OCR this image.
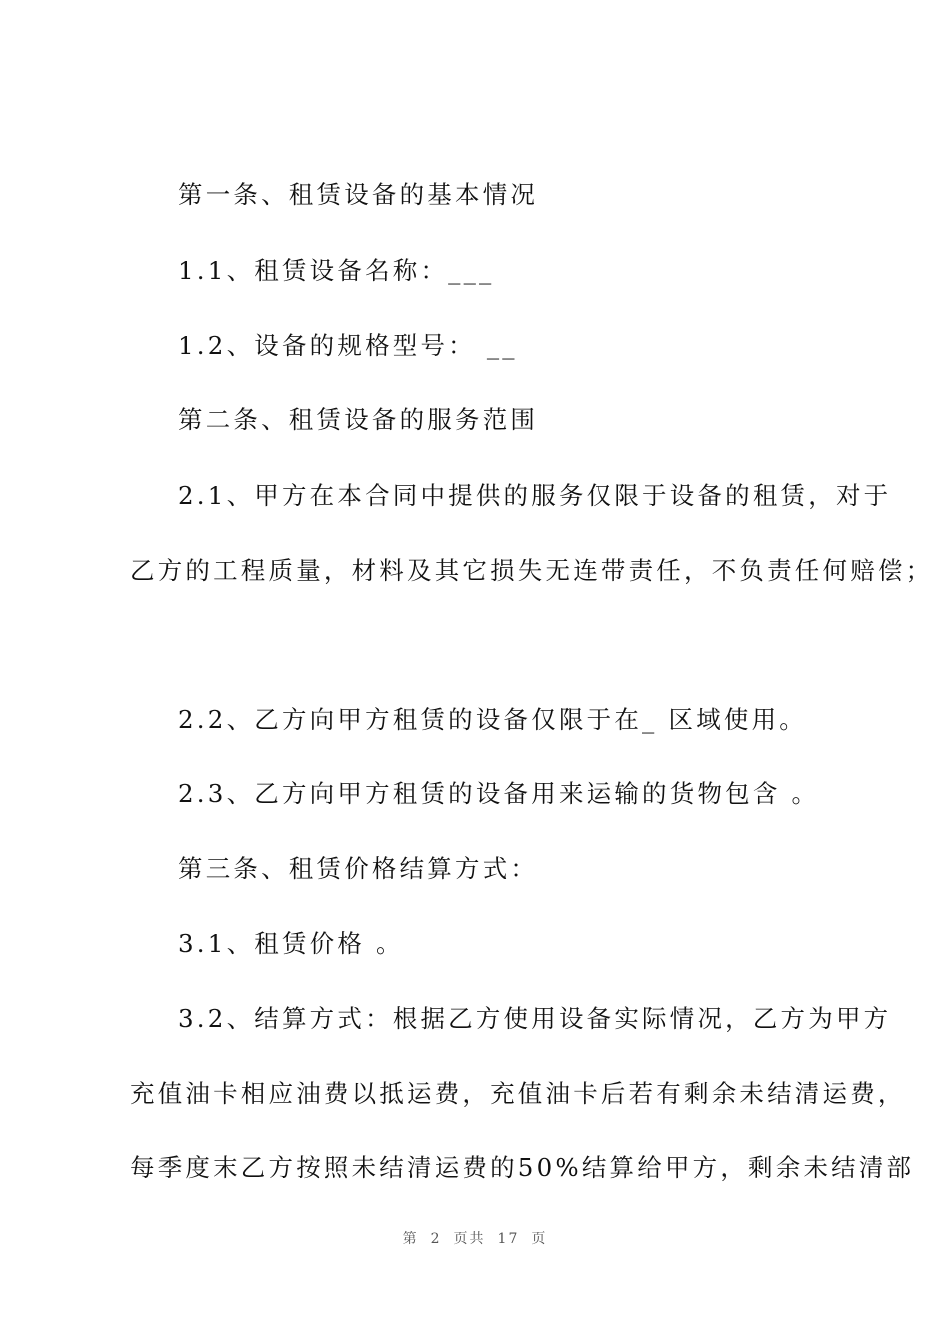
第一条、租赁设备的基本情况
1.1、租赁设备名称：___
1.2、设备的规格型号： __
第二条、租赁设备的服务范围
2.1、甲方在本合同中提供的服务仅限于设备的租赁，对于
乙方的工程质量，材料及其它损失无连带责任，不负责任何赔偿；
2.2、乙方向甲方租赁的设备仅限于在_ 区域使用。
2.3、乙方向甲方租赁的设备用来运输的货物包含 。
第三条、租赁价格结算方式：
3.1、租赁价格 。
3.2、结算方式：根据乙方使用设备实际情况，乙方为甲方
充值油卡相应油费以抵运费，充值油卡后若有剩余未结清运费，
每季度末乙方按照未结清运费的50%结算给甲方，剩余未结清部
第 2 页共 17 页
